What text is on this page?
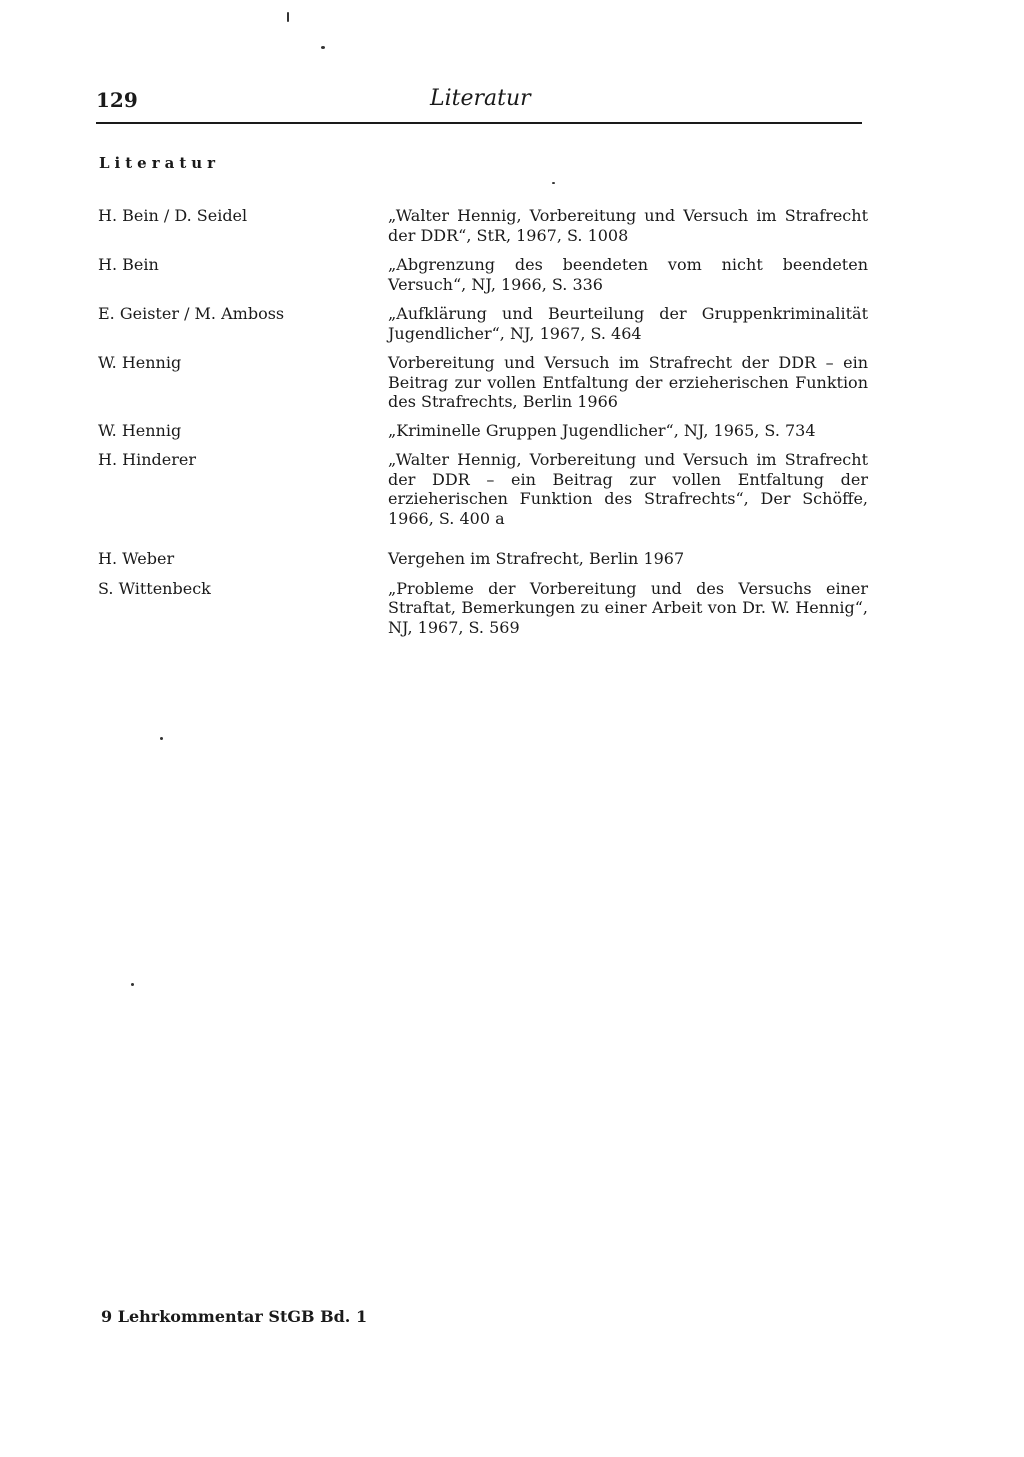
129	Literatur
Literatur
H. Bein / D. Seidel	„Walter Hennig, Vorbereitung und Versuch im Strafrecht der DDR“, StR, 1967, S. 1008
H. Bein	„Abgrenzung des beendeten vom nicht beendeten Versuch“, NJ, 1966, S. 336
E. Geister / M. Amboss	„Aufklärung und Beurteilung der Gruppenkriminalität Jugendlicher“, NJ, 1967, S. 464
W. Hennig	Vorbereitung und Versuch im Strafrecht der DDR – ein Beitrag zur vollen Entfaltung der erzieherischen Funktion des Strafrechts, Berlin 1966
W. Hennig	„Kriminelle Gruppen Jugendlicher“, NJ, 1965, S. 734
H. Hinderer	„Walter Hennig, Vorbereitung und Versuch im Strafrecht der DDR – ein Beitrag zur vollen Entfaltung der erzieherischen Funktion des Strafrechts“, Der Schöffe, 1966, S. 400 a
H. Weber	Vergehen im Strafrecht, Berlin 1967
S. Wittenbeck	„Probleme der Vorbereitung und des Versuchs einer Straftat, Bemerkungen zu einer Arbeit von Dr. W. Hennig“, NJ, 1967, S. 569
9 Lehrkommentar StGB Bd. 1
